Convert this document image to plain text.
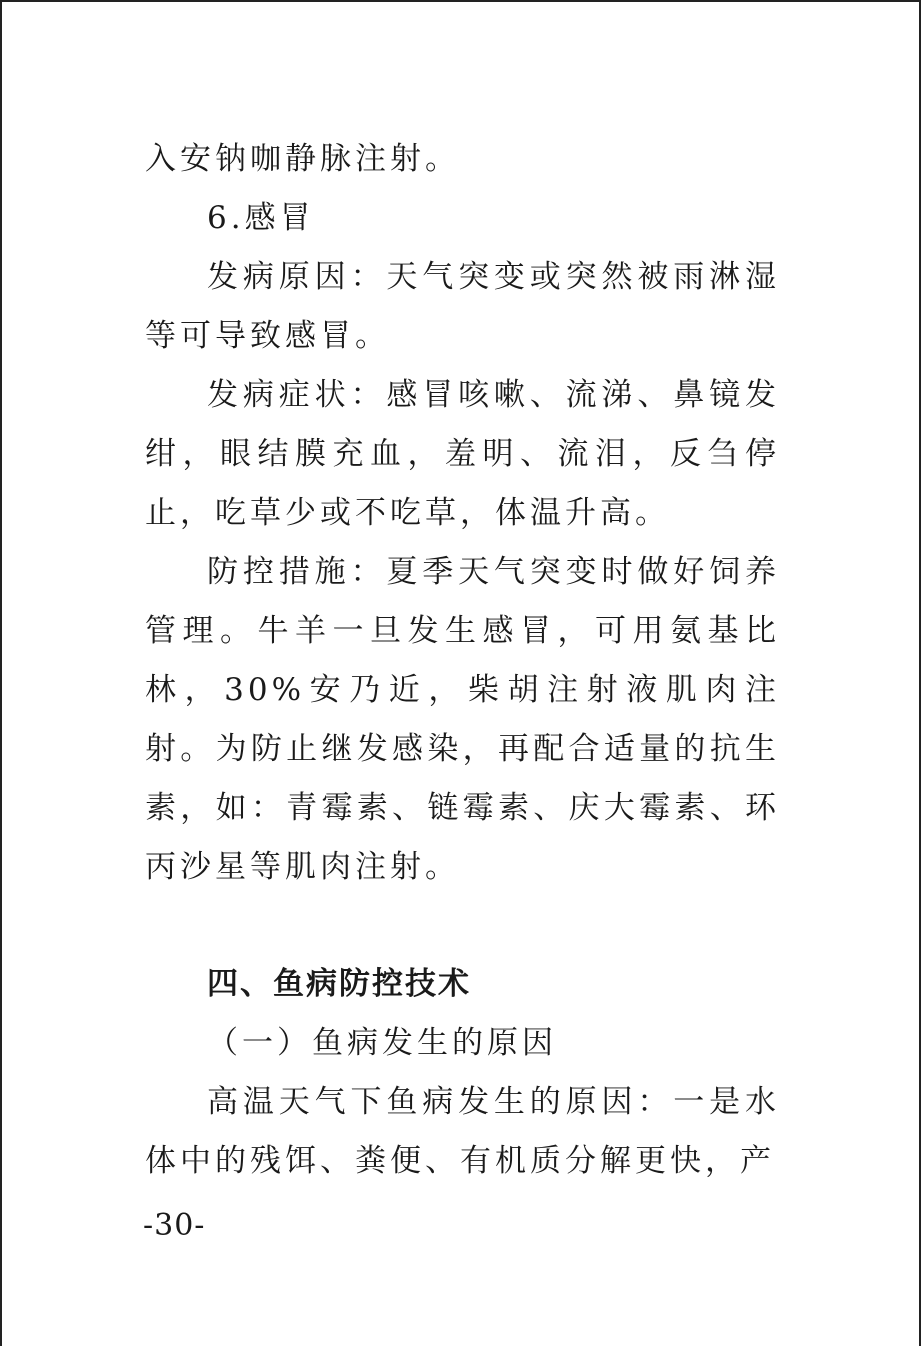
入安钠咖静脉注射。

6.感冒

发病原因：天气突变或突然被雨淋湿等可导致感冒。

发病症状：感冒咳嗽、流涕、鼻镜发绀，眼结膜充血，羞明、流泪，反刍停止，吃草少或不吃草，体温升高。

防控措施：夏季天气突变时做好饲养管理。牛羊一旦发生感冒，可用氨基比林，30%安乃近，柴胡注射液肌肉注射。为防止继发感染，再配合适量的抗生素，如：青霉素、链霉素、庆大霉素、环丙沙星等肌肉注射。

四、鱼病防控技术

（一）鱼病发生的原因

高温天气下鱼病发生的原因：一是水体中的残饵、粪便、有机质分解更快，产

-30-
